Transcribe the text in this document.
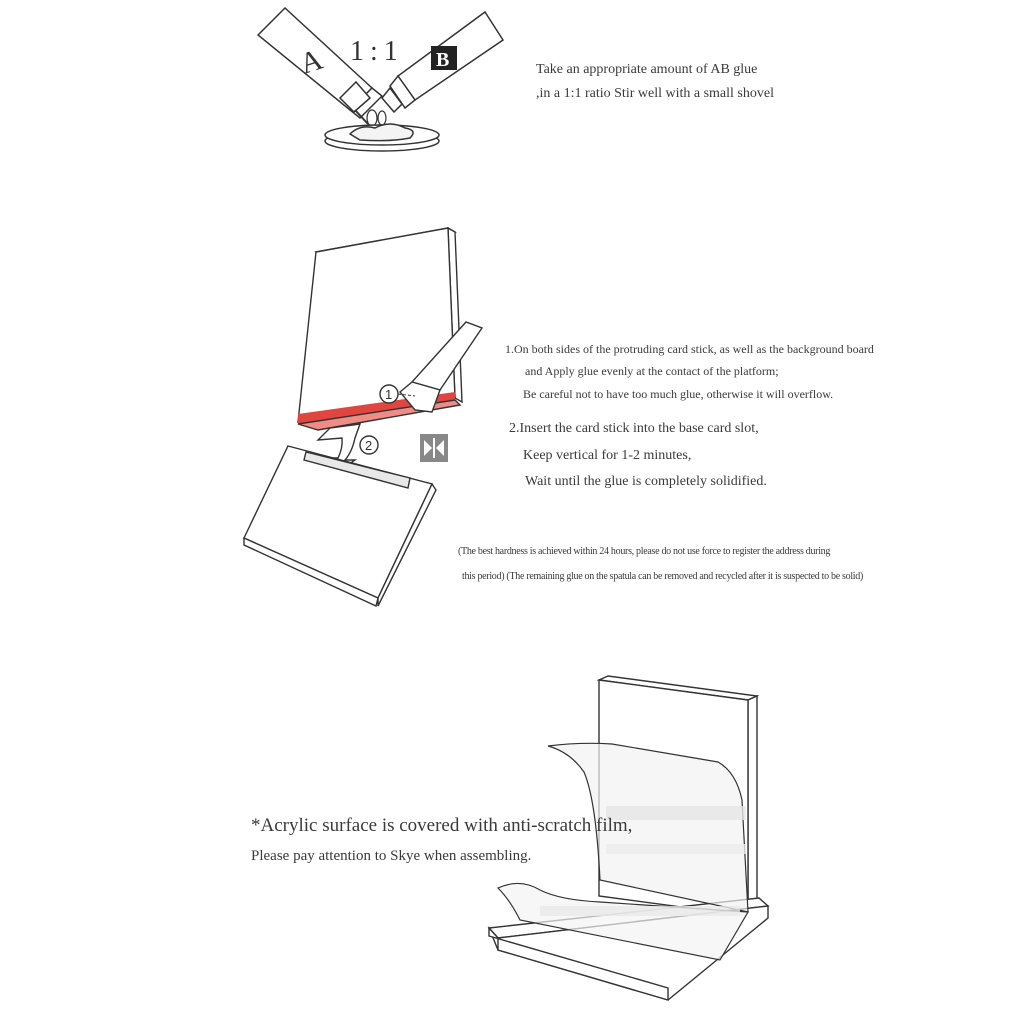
A 1:1 B	Take an appropriate amount of AB glue
,in a 1:1 ratio Stir well with a small shovel
1
2
1.On both sides of the protruding card stick, as well as the background board
and Apply glue evenly at the contact of the platform;
Be careful not to have too much glue, otherwise it will overflow.
2.Insert the card stick into the base card slot,
Keep vertical for 1-2 minutes,
Wait until the glue is completely solidified.
(The best hardness is achieved within 24 hours, please do not use force to register the address during
this period) (The remaining glue on the spatula can be removed and recycled after it is suspected to be solid)
*Acrylic surface is covered with anti-scratch film,
Please pay attention to Skye when assembling.
